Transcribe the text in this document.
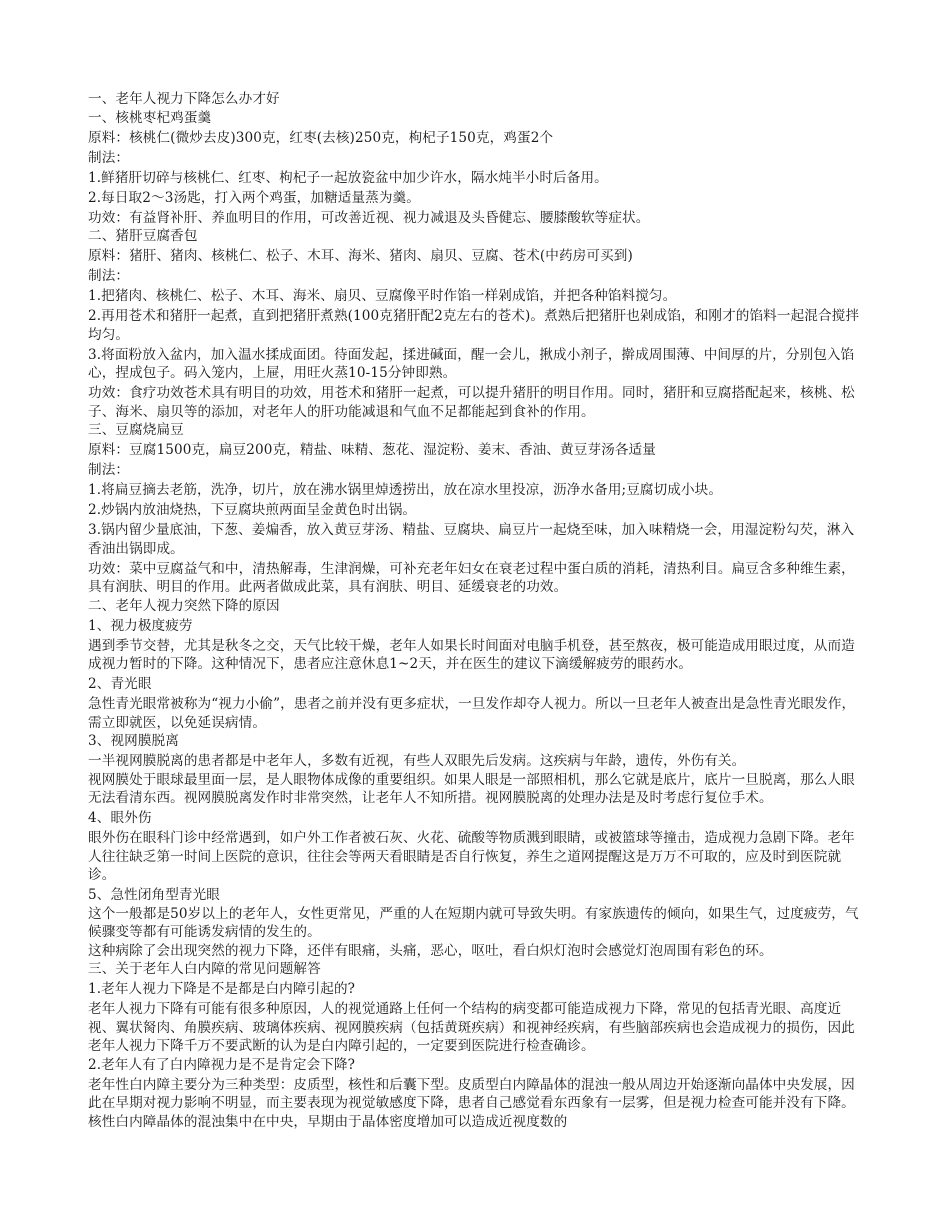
一、老年人视力下降怎么办才好

一、核桃枣杞鸡蛋羹

原料：核桃仁(微炒去皮)300克，红枣(去核)250克，枸杞子150克，鸡蛋2个

制法：

1.鲜猪肝切碎与核桃仁、红枣、枸杞子一起放瓷盆中加少许水，隔水炖半小时后备用。

2.每日取2～3汤匙，打入两个鸡蛋，加糖适量蒸为羹。

功效：有益肾补肝、养血明目的作用，可改善近视、视力减退及头昏健忘、腰膝酸软等症状。

二、猪肝豆腐香包

原料：猪肝、猪肉、核桃仁、松子、木耳、海米、猪肉、扇贝、豆腐、苍术(中药房可买到)

制法：

1.把猪肉、核桃仁、松子、木耳、海米、扇贝、豆腐像平时作馅一样剁成馅，并把各种馅料搅匀。

2.再用苍术和猪肝一起煮，直到把猪肝煮熟(100克猪肝配2克左右的苍术)。煮熟后把猪肝也剁成馅，和刚才的馅料一起混合搅拌均匀。

3.将面粉放入盆内，加入温水揉成面团。待面发起，揉进碱面，醒一会儿，揪成小剂子，擀成周围薄、中间厚的片，分别包入馅心，捏成包子。码入笼内，上屉，用旺火蒸10-15分钟即熟。

功效：食疗功效苍术具有明目的功效，用苍术和猪肝一起煮，可以提升猪肝的明目作用。同时，猪肝和豆腐搭配起来，核桃、松子、海米、扇贝等的添加，对老年人的肝功能减退和气血不足都能起到食补的作用。

三、豆腐烧扁豆

原料：豆腐1500克，扁豆200克，精盐、味精、葱花、湿淀粉、姜末、香油、黄豆芽汤各适量

制法：

1.将扁豆摘去老筋，洗净，切片，放在沸水锅里焯透捞出，放在凉水里投凉，沥净水备用;豆腐切成小块。

2.炒锅内放油烧热，下豆腐块煎两面呈金黄色时出锅。

3.锅内留少量底油，下葱、姜煸香，放入黄豆芽汤、精盐、豆腐块、扁豆片一起烧至味，加入味精烧一会，用湿淀粉勾芡，淋入香油出锅即成。

功效：菜中豆腐益气和中，清热解毒，生津润燥，可补充老年妇女在衰老过程中蛋白质的消耗，清热利目。扁豆含多种维生素，具有润肤、明目的作用。此两者做成此菜，具有润肤、明目、延缓衰老的功效。

二、老年人视力突然下降的原因

1、视力极度疲劳

遇到季节交替，尤其是秋冬之交，天气比较干燥，老年人如果长时间面对电脑手机登，甚至熬夜，极可能造成用眼过度，从而造成视力暂时的下降。这种情况下，患者应注意休息1~2天，并在医生的建议下滴缓解疲劳的眼药水。

2、青光眼

急性青光眼常被称为“视力小偷”，患者之前并没有更多症状，一旦发作却夺人视力。所以一旦老年人被查出是急性青光眼发作，需立即就医，以免延误病情。

3、视网膜脱离

一半视网膜脱离的患者都是中老年人，多数有近视，有些人双眼先后发病。这疾病与年龄，遗传，外伤有关。

视网膜处于眼球最里面一层，是人眼物体成像的重要组织。如果人眼是一部照相机，那么它就是底片，底片一旦脱离，那么人眼无法看清东西。视网膜脱离发作时非常突然，让老年人不知所措。视网膜脱离的处理办法是及时考虑行复位手术。

4、眼外伤

眼外伤在眼科门诊中经常遇到，如户外工作者被石灰、火花、硫酸等物质溅到眼睛，或被篮球等撞击，造成视力急剧下降。老年人往往缺乏第一时间上医院的意识，往往会等两天看眼睛是否自行恢复，养生之道网提醒这是万万不可取的，应及时到医院就诊。

5、急性闭角型青光眼

这个一般都是50岁以上的老年人，女性更常见，严重的人在短期内就可导致失明。有家族遗传的倾向，如果生气，过度疲劳，气候骤变等都有可能诱发病情的发生的。

这种病除了会出现突然的视力下降，还伴有眼痛，头痛，恶心，呕吐，看白炽灯泡时会感觉灯泡周围有彩色的环。

三、关于老年人白内障的常见问题解答

1.老年人视力下降是不是都是白内障引起的?

老年人视力下降有可能有很多种原因，人的视觉通路上任何一个结构的病变都可能造成视力下降，常见的包括青光眼、高度近视、翼状胬肉、角膜疾病、玻璃体疾病、视网膜疾病（包括黄斑疾病）和视神经疾病，有些脑部疾病也会造成视力的损伤，因此老年人视力下降千万不要武断的认为是白内障引起的，一定要到医院进行检查确诊。

2.老年人有了白内障视力是不是肯定会下降?

老年性白内障主要分为三种类型：皮质型，核性和后囊下型。皮质型白内障晶体的混浊一般从周边开始逐渐向晶体中央发展，因此在早期对视力影响不明显，而主要表现为视觉敏感度下降，患者自己感觉看东西象有一层雾，但是视力检查可能并没有下降。核性白内障晶体的混浊集中在中央，早期由于晶体密度增加可以造成近视度数的
